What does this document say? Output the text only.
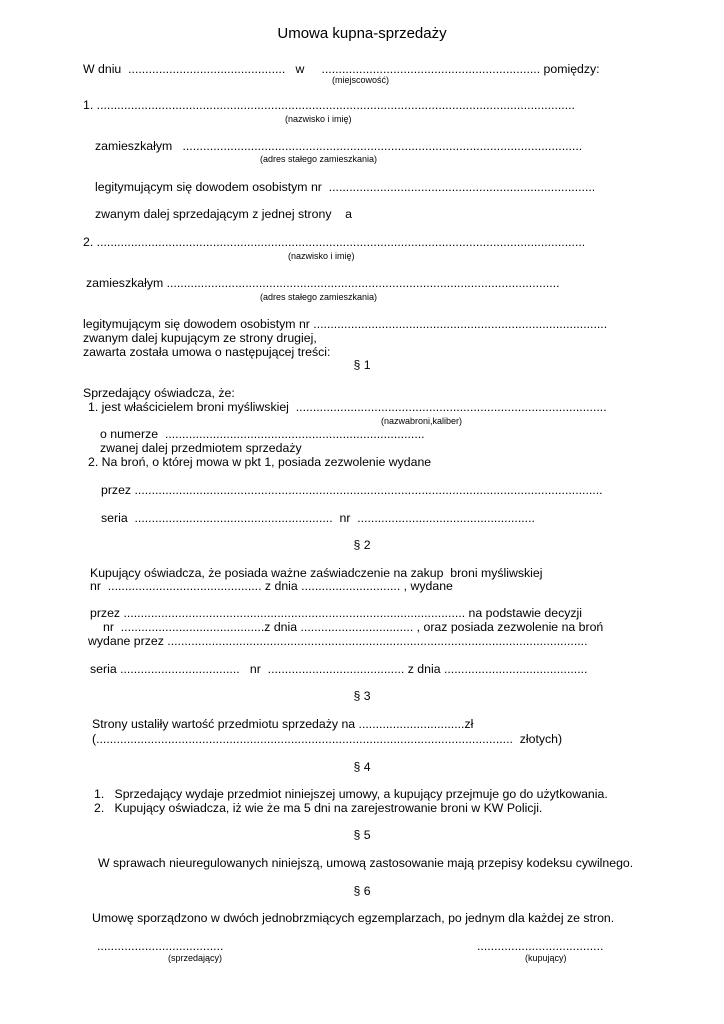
Umowa kupna-sprzedaży
W dniu  ..............................................   w     ................................................................ pomiędzy:
(miejscowość)
1. ............................................................................................................................................
(nazwisko i imię)
zamieszkałym   .....................................................................................................................
(adres stałego zamieszkania)
legitymującym się dowodem osobistym nr  ..............................................................................
zwanym dalej sprzedającym z jednej strony    a
2. ...............................................................................................................................................
(nazwisko i imię)
zamieszkałym ...................................................................................................................
(adres stałego zamieszkania)
legitymującym się dowodem osobistym nr ......................................................................................
zwanym dalej kupującym ze strony drugiej,
zawarta została umowa o następującej treści:
§ 1
Sprzedający oświadcza, że:
1. jest właścicielem broni myśliwskiej  ...........................................................................................
(nazwabroni,kaliber)
o numerze  ............................................................................
zwanej dalej przedmiotem sprzedaży
2. Na broń, o której mowa w pkt 1, posiada zezwolenie wydane
przez .........................................................................................................................................
seria  ..........................................................  nr  ....................................................
§ 2
Kupujący oświadcza, że posiada ważne zaświadczenie na zakup  broni myśliwskiej
nr  ............................................. z dnia ............................. , wydane
przez .................................................................................................... na podstawie decyzji
nr  ..........................................z dnia ................................. , oraz posiada zezwolenie na broń
wydane przez ...........................................................................................................................
seria ...................................   nr  ........................................ z dnia ..........................................
§ 3
Strony ustaliły wartość przedmiotu sprzedaży na ...............................zł
(..........................................................................................................................  złotych)
§ 4
1.   Sprzedający wydaje przedmiot niniejszej umowy, a kupujący przejmuje go do użytkowania.
2.   Kupujący oświadcza, iż wie że ma 5 dni na zarejestrowanie broni w KW Policji.
§ 5
W sprawach nieuregulowanych niniejszą, umową zastosowanie mają przepisy kodeksu cywilnego.
§ 6
Umowę sporządzono w dwóch jednobrzmiących egzemplarzach, po jednym dla każdej ze stron.
.....................................
(sprzedający)
.....................................
(kupujący)
